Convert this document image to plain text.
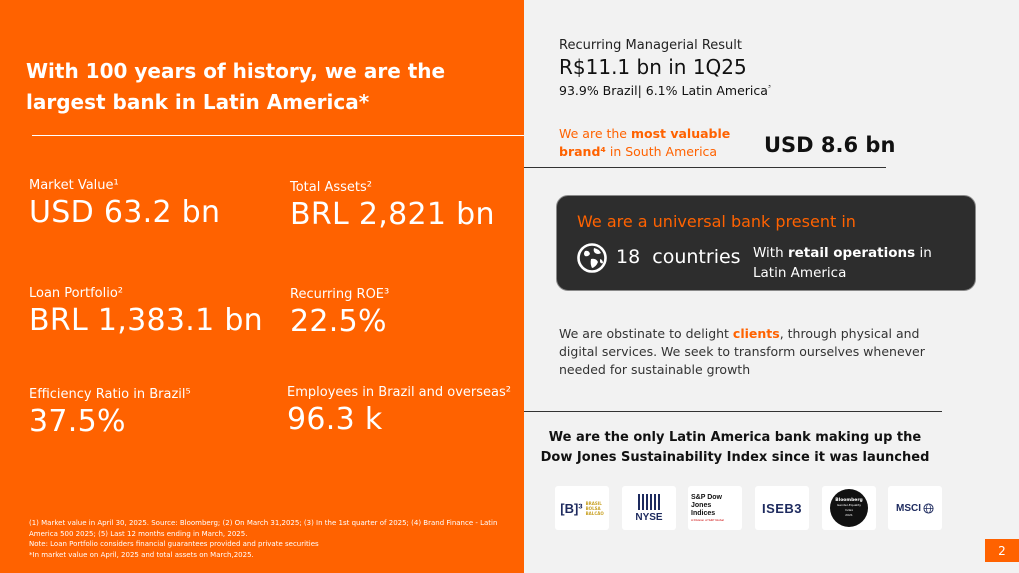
With 100 years of history, we are the largest bank in Latin America*
Market Value¹
USD 63.2 bn
Total Assets²
BRL 2,821 bn
Loan Portfolio²
BRL 1,383.1 bn
Recurring ROE³
22.5%
Efficiency Ratio in Brazil⁵
37.5%
Employees in Brazil and overseas²
96.3 k
(1) Market value in April 30, 2025. Source: Bloomberg; (2) On March 31,2025; (3) In the 1st quarter of 2025; (4) Brand Finance - Latin America 500 2025; (5) Last 12 months ending in March, 2025.
Note: Loan Portfolio considers financial guarantees provided and private securities
*In market value on April, 2025 and total assets on March,2025.
Recurring Managerial Result
R$11.1 bn in 1Q25
93.9% Brazil| 6.1% Latin America$^{^3}$
We are the most valuable brand⁴ in South America	USD 8.6 bn
We are a universal bank present in
18 countries With retail operations in Latin America
We are obstinate to delight clients, through physical and digital services. We seek to transform ourselves whenever needed for sustainable growth
We are the only Latin America bank making up the Dow Jones Sustainability Index since it was launched
[B]³ BRASIL
BOLSA
BALCÃO	NYSE
S&P Dow Jones
Indices
A Division of S&P Global
ISEB3	Bloomberg
Gender-Equality
Index
2021
MSCI
2
